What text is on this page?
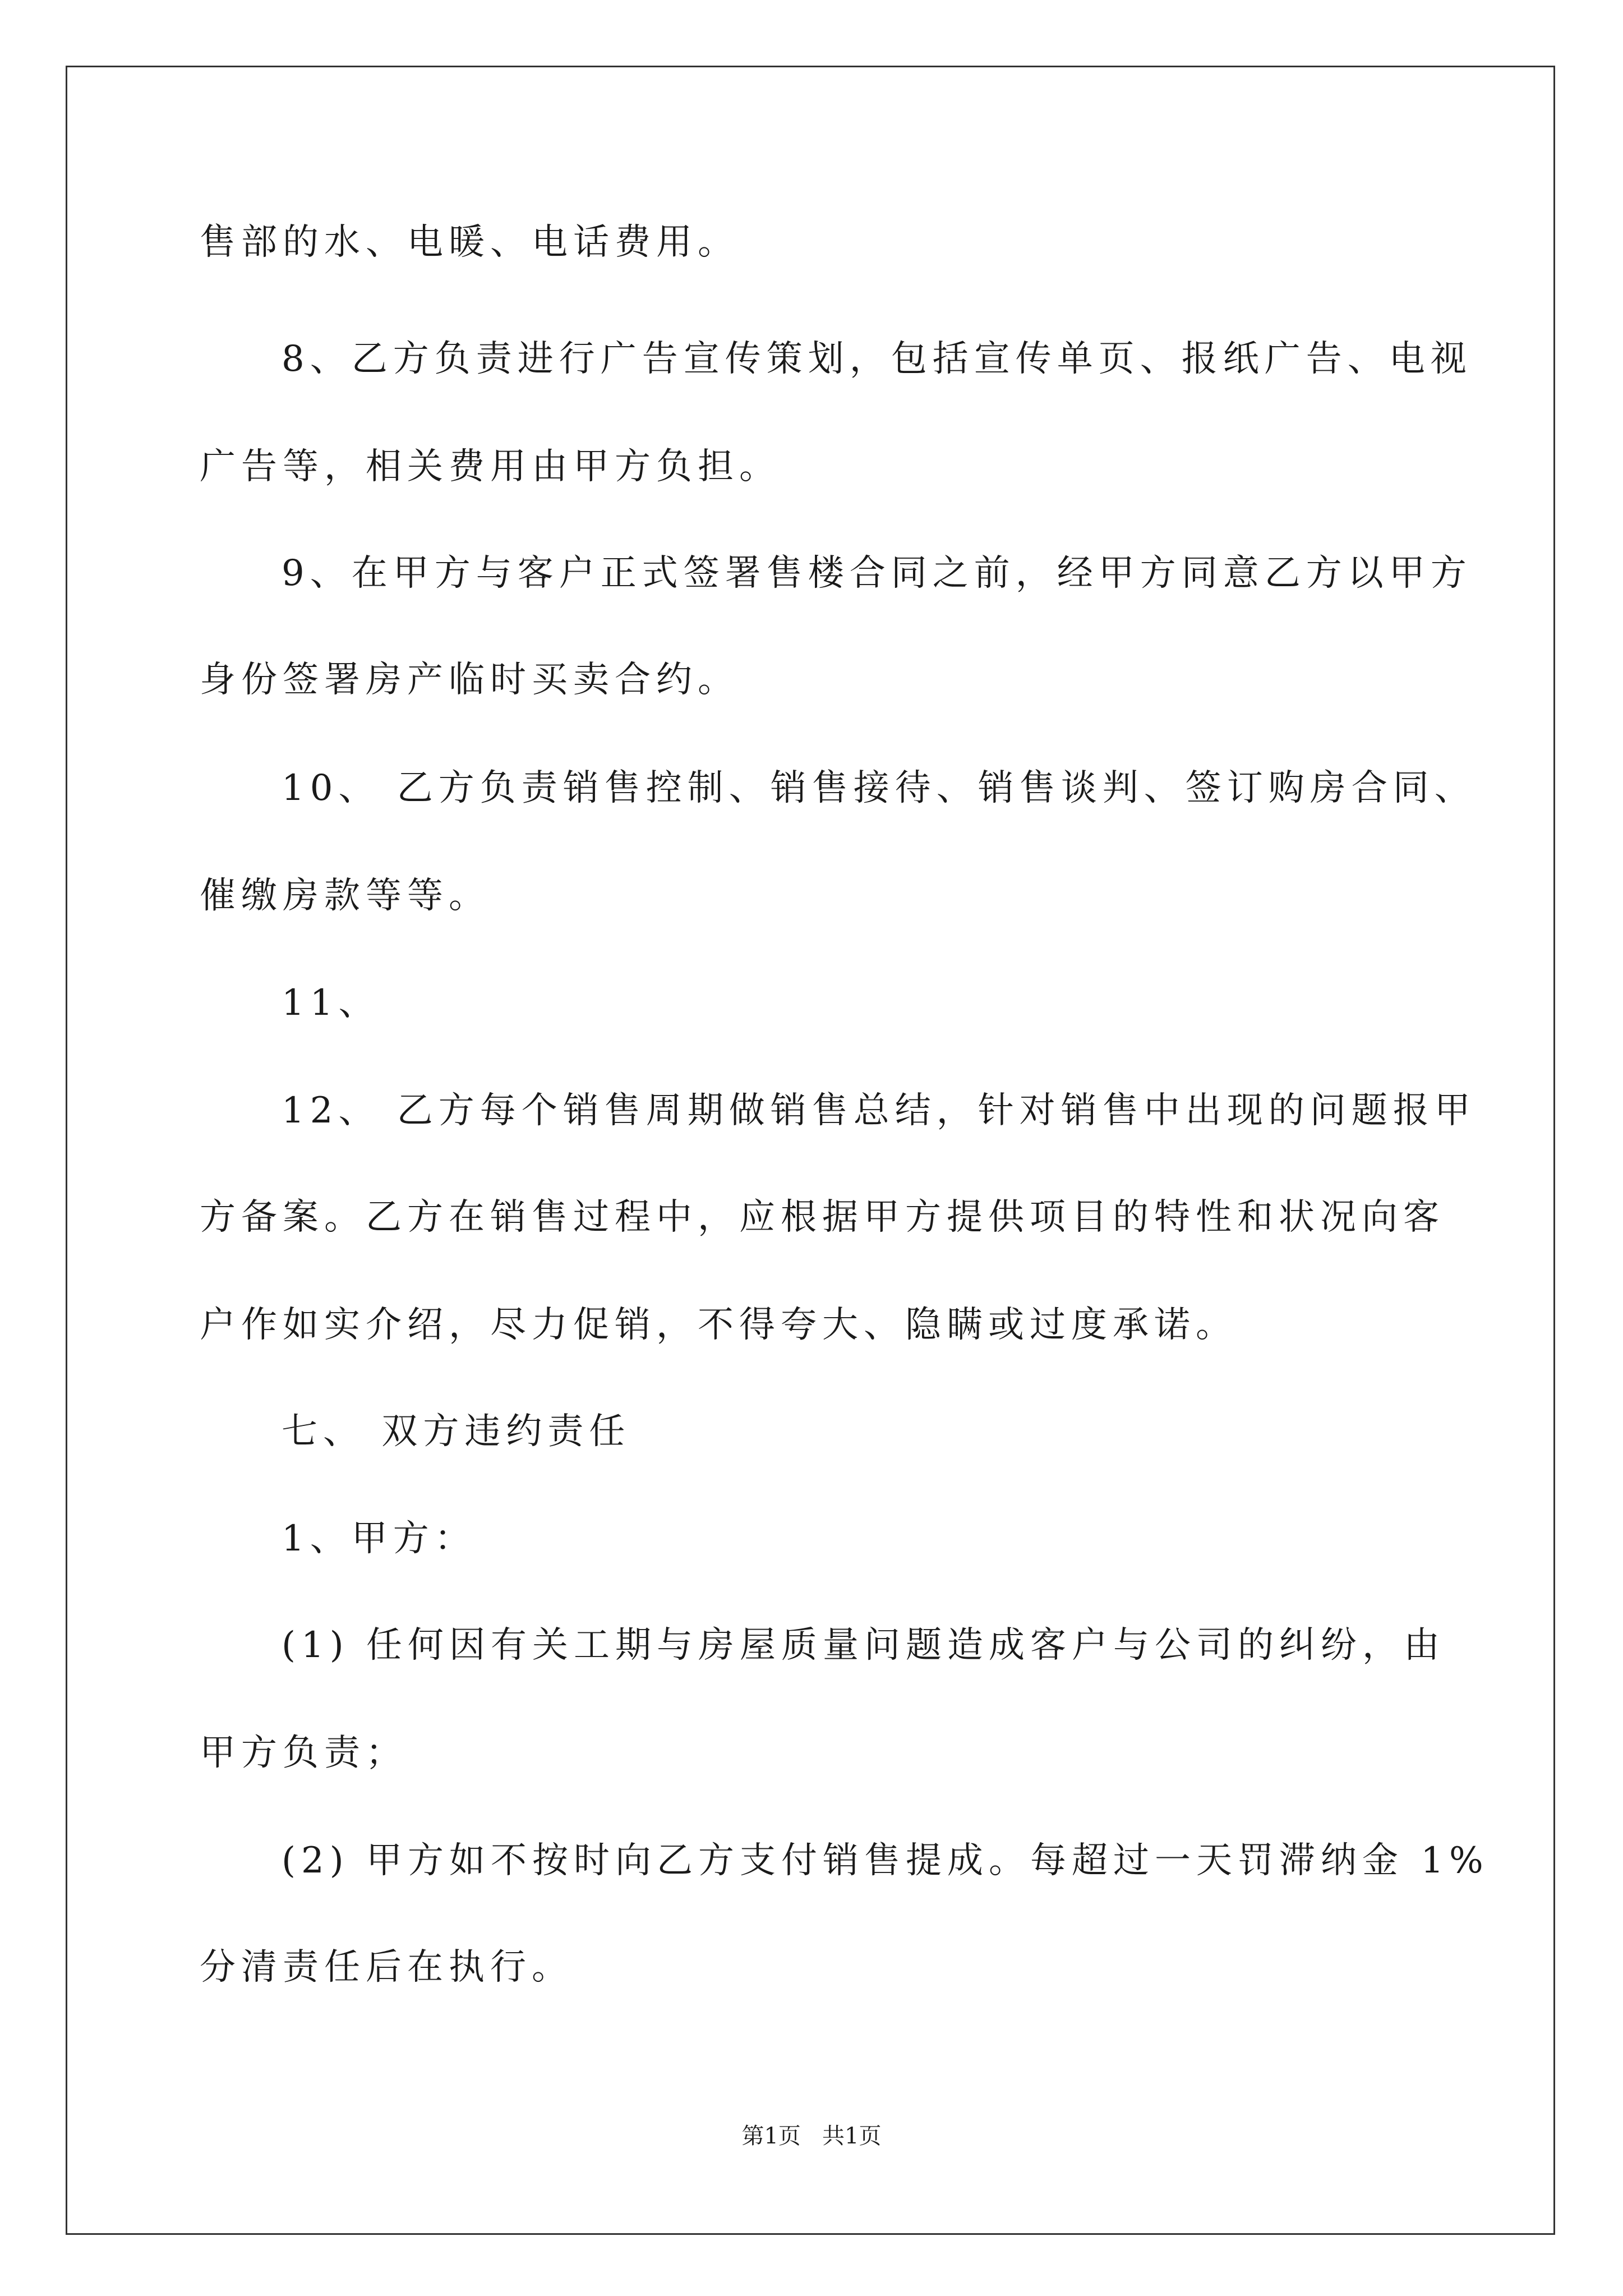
售部的水、电暖、电话费用。
8、乙方负责进行广告宣传策划，包括宣传单页、报纸广告、电视
广告等，相关费用由甲方负担。
9、在甲方与客户正式签署售楼合同之前，经甲方同意乙方以甲方
身份签署房产临时买卖合约。
10、 乙方负责销售控制、销售接待、销售谈判、签订购房合同、
催缴房款等等。
11、
12、 乙方每个销售周期做销售总结，针对销售中出现的问题报甲
方备案。乙方在销售过程中，应根据甲方提供项目的特性和状况向客
户作如实介绍，尽力促销，不得夸大、隐瞒或过度承诺。
七、 双方违约责任
1、甲方：
(1) 任何因有关工期与房屋质量问题造成客户与公司的纠纷，由
甲方负责；
(2) 甲方如不按时向乙方支付销售提成。每超过一天罚滞纳金 1%
分清责任后在执行。
第1页   共1页
